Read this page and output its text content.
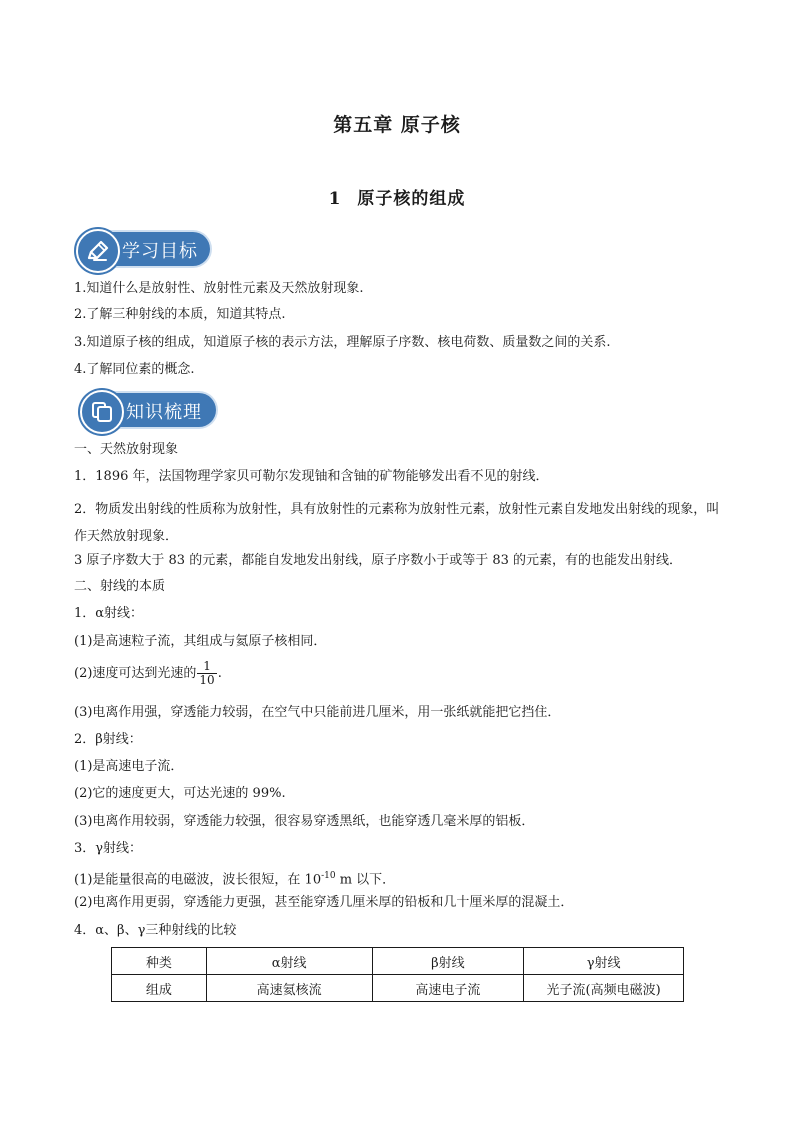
第五章 原子核
1 原子核的组成
学习目标
1.知道什么是放射性、放射性元素及天然放射现象.
2.了解三种射线的本质，知道其特点.
3.知道原子核的组成，知道原子核的表示方法，理解原子序数、核电荷数、质量数之间的关系.
4.了解同位素的概念.
知识梳理
一、天然放射现象
1．1896 年，法国物理学家贝可勒尔发现铀和含铀的矿物能够发出看不见的射线．
2．物质发出射线的性质称为放射性，具有放射性的元素称为放射性元素，放射性元素自发地发出射线的现象，叫作天然放射现象．
3 原子序数大于 83 的元素，都能自发地发出射线，原子序数小于或等于 83 的元素，有的也能发出射线．
二、射线的本质
1．α射线：
(1)是高速粒子流，其组成与氦原子核相同．
(2)速度可达到光速的 $\frac{1}{10}$ .
(3)电离作用强，穿透能力较弱，在空气中只能前进几厘米，用一张纸就能把它挡住．
2．β射线：
(1)是高速电子流．
(2)它的速度更大，可达光速的 99%.
(3)电离作用较弱，穿透能力较强，很容易穿透黑纸，也能穿透几毫米厚的铝板．
3．γ射线：
(1)是能量很高的电磁波，波长很短，在 $10^{-10}$ m 以下．
(2)电离作用更弱，穿透能力更强，甚至能穿透几厘米厚的铅板和几十厘米厚的混凝土．
4．α、β、γ三种射线的比较
种类	α射线	β射线	γ射线
组成	高速氦核流	高速电子流	光子流(高频电磁波)
